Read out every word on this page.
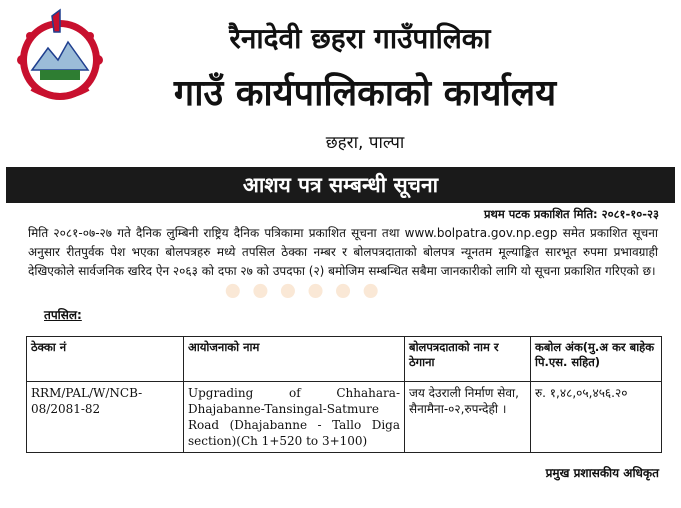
रैनादेवी छहरा गाउँपालिका
गाउँ कार्यपालिकाको कार्यालय
छहरा, पाल्पा
आशय पत्र सम्बन्धी सूचना
प्रथम पटक प्रकाशित मिति: २०८१-१०-२३
मिति २०८१-०७-२७ गते दैनिक लुम्बिनी राष्ट्रिय दैनिक पत्रिकामा प्रकाशित सूचना तथा www.bolpatra.gov.np.egp समेत प्रकाशित सूचना अनुसार रीतपुर्वक पेश भएका बोलपत्रहरु मध्ये तपसिल ठेक्का नम्बर र बोलपत्रदाताको बोलपत्र न्यूनतम मूल्याङ्कित सारभूत रुपमा प्रभावग्राही देखिएकोले सार्वजनिक खरिद ऐन २०६३ को दफा २७ को उपदफा (२) बमोजिम सम्बन्धित सबैमा जानकारीको लागि यो सूचना प्रकाशित गरिएको छ।
••••••
तपसिल:
ठेक्का नं	आयोजनाको नाम	बोलपत्रदाताको नाम र ठेगाना	कबोल अंक(मु.अ कर बाहेक पि.एस. सहित)
RRM/PAL/W/NCB-08/2081-82	Upgrading of Chhahara-Dhajabanne-Tansingal-Satmure Road (Dhajabanne - Tallo Diga section)(Ch 1+520 to 3+100)	जय देउराली निर्माण सेवा, सैनामैना-०२,रुपन्देही ।	रु. १,४८,०५,४५६.२०
प्रमुख प्रशासकीय अधिकृत
